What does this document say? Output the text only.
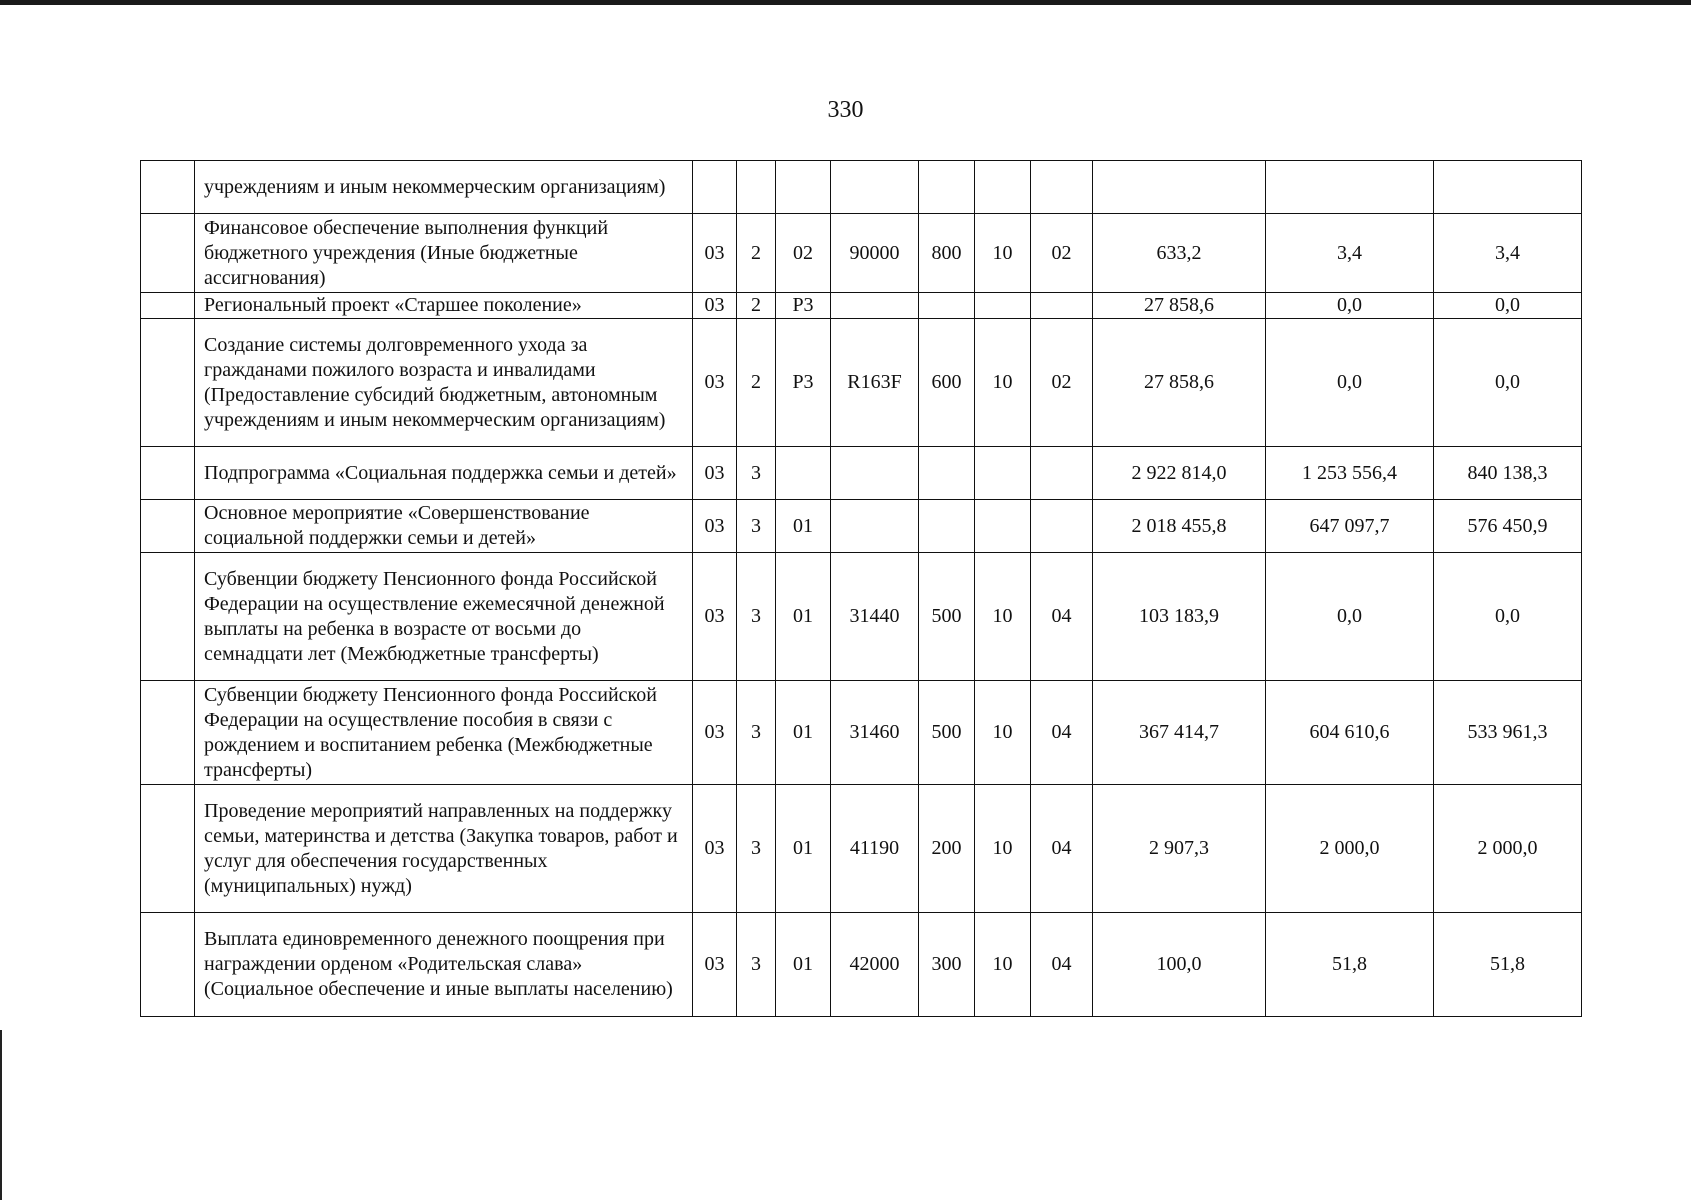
330
	учреждениям и иным некоммерческим организациям)										
	Финансовое обеспечение выполнения функций бюджетного учреждения (Иные бюджетные ассигнования)	03	2	02	90000	800	10	02	633,2	3,4	3,4
	Региональный проект «Старшее поколение»	03	2	P3					27 858,6	0,0	0,0
	Создание системы долговременного ухода за гражданами пожилого возраста и инвалидами (Предоставление субсидий бюджетным, автономным учреждениям и иным некоммерческим организациям)	03	2	P3	R163F	600	10	02	27 858,6	0,0	0,0
	Подпрограмма «Социальная поддержка семьи и детей»	03	3						2 922 814,0	1 253 556,4	840 138,3
	Основное мероприятие «Совершенствование социальной поддержки семьи и детей»	03	3	01					2 018 455,8	647 097,7	576 450,9
	Субвенции бюджету Пенсионного фонда Российской Федерации на осуществление ежемесячной денежной выплаты на ребенка в возрасте от восьми до семнадцати лет (Межбюджетные трансферты)	03	3	01	31440	500	10	04	103 183,9	0,0	0,0
	Субвенции бюджету Пенсионного фонда Российской Федерации на осуществление пособия в связи с рождением и воспитанием ребенка (Межбюджетные трансферты)	03	3	01	31460	500	10	04	367 414,7	604 610,6	533 961,3
	Проведение мероприятий направленных на поддержку семьи, материнства и детства (Закупка товаров, работ и услуг для обеспечения государственных (муниципальных) нужд)	03	3	01	41190	200	10	04	2 907,3	2 000,0	2 000,0
	Выплата единовременного денежного поощрения при награждении орденом «Родительская слава» (Социальное обеспечение и иные выплаты населению)	03	3	01	42000	300	10	04	100,0	51,8	51,8
